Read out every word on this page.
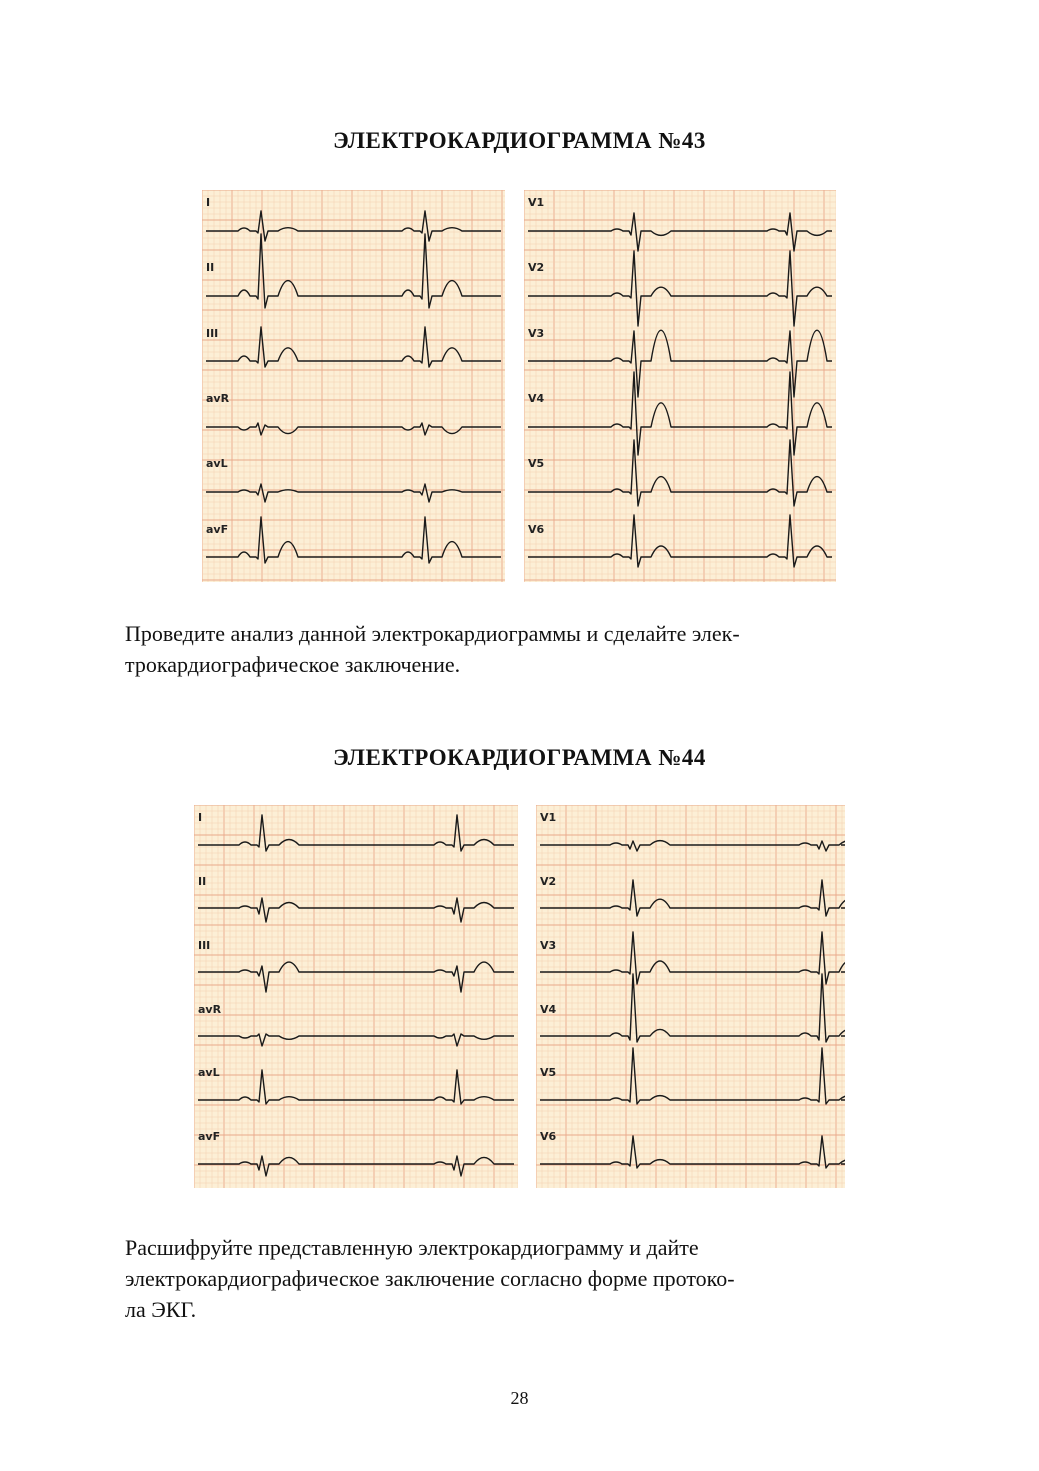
ЭЛЕКТРОКАРДИОГРАММА №43
I
II
III
avR
avL
avF
V1
V2
V3
V4
V5
V6
Проведите анализ данной электрокардиограммы и сделайте элек-
трокардиографическое заключение.
ЭЛЕКТРОКАРДИОГРАММА №44
I
II
III
avR
avL
avF
V1
V2
V3
V4
V5
V6
Расшифруйте представленную электрокардиограмму и дайте
электрокардиографическое заключение согласно форме протоко-
ла ЭКГ.
28
